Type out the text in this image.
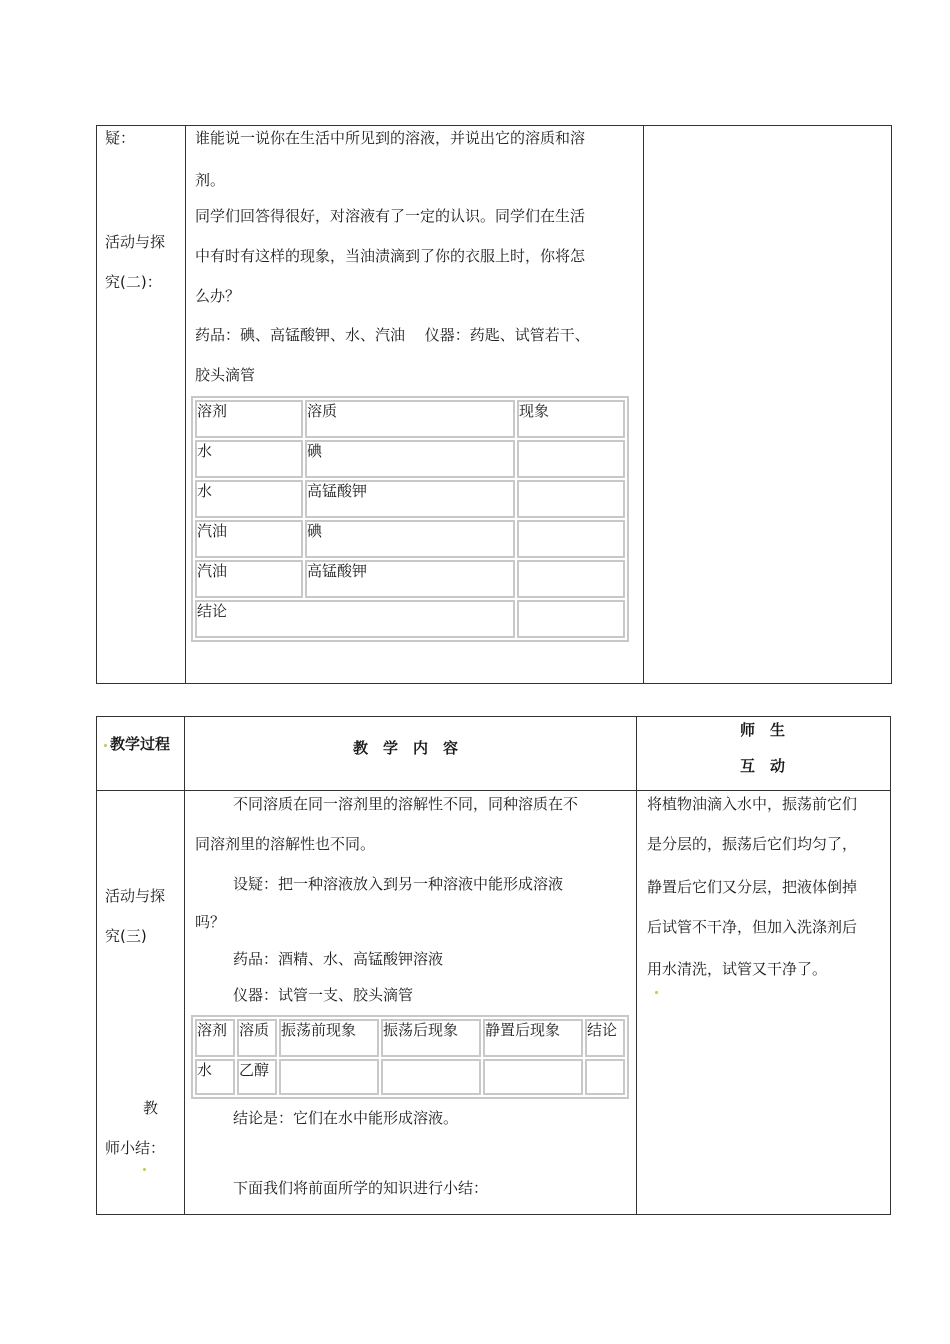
疑：
活动与探
究(二)：
谁能说一说你在生活中所见到的溶液，并说出它的溶质和溶
剂。
同学们回答得很好，对溶液有了一定的认识。同学们在生活
中有时有这样的现象，当油渍滴到了你的衣服上时，你将怎
么办？
药品：碘、高锰酸钾、水、汽油　 仪器：药匙、试管若干、
胶头滴管
溶剂	溶质	现象
水	碘	
水	高锰酸钾	
汽油	碘	
汽油	高锰酸钾	
结论		
教学过程	教　学　内　容
师　生
互　动
活动与探
究(三)
教
师小结：
不同溶质在同一溶剂里的溶解性不同，同种溶质在不
同溶剂里的溶解性也不同。
设疑：把一种溶液放入到另一种溶液中能形成溶液
吗？
药品：酒精、水、高锰酸钾溶液
仪器：试管一支、胶头滴管
溶剂	溶质	振荡前现象	振荡后现象	静置后现象	结论
水	乙醇				
结论是：它们在水中能形成溶液。
下面我们将前面所学的知识进行小结：
将植物油滴入水中，振荡前它们
是分层的，振荡后它们均匀了，
静置后它们又分层，把液体倒掉
后试管不干净，但加入洗涤剂后
用水清洗，试管又干净了。
